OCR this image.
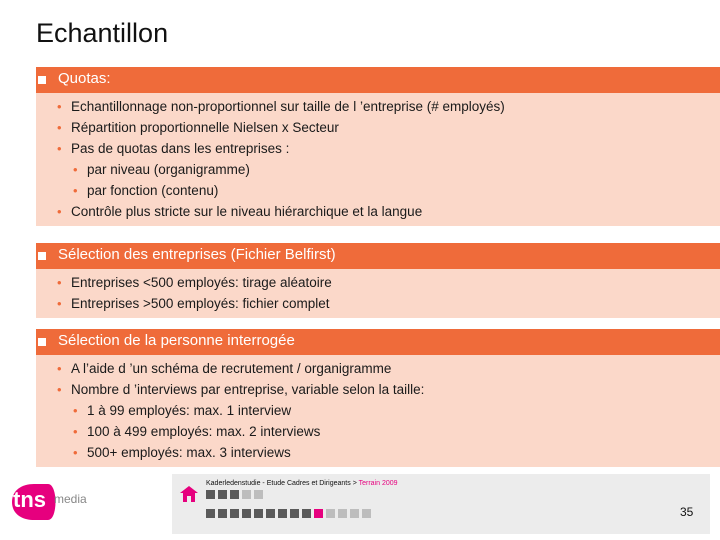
Echantillon
Quotas:
• Echantillonnage non-proportionnel sur taille de l ’entreprise (# employés)
• Répartition proportionnelle Nielsen x Secteur
• Pas de quotas dans les entreprises :
• par niveau (organigramme)
• par fonction (contenu)
• Contrôle plus stricte sur le niveau hiérarchique et la langue
Sélection des entreprises (Fichier Belfirst)
• Entreprises <500 employés: tirage aléatoire
• Entreprises >500 employés: fichier complet
Sélection de la personne interrogée
• A l’aide d ’un schéma de recrutement / organigramme
• Nombre d ’interviews par entreprise, variable selon la taille:
• 1 à 99 employés: max. 1 interview
• 100 à 499 employés: max. 2 interviews
• 500+ employés: max. 3 interviews
tns media
Kaderledenstudie - Etude Cadres et Dirigeants > Terrain 2009
35
